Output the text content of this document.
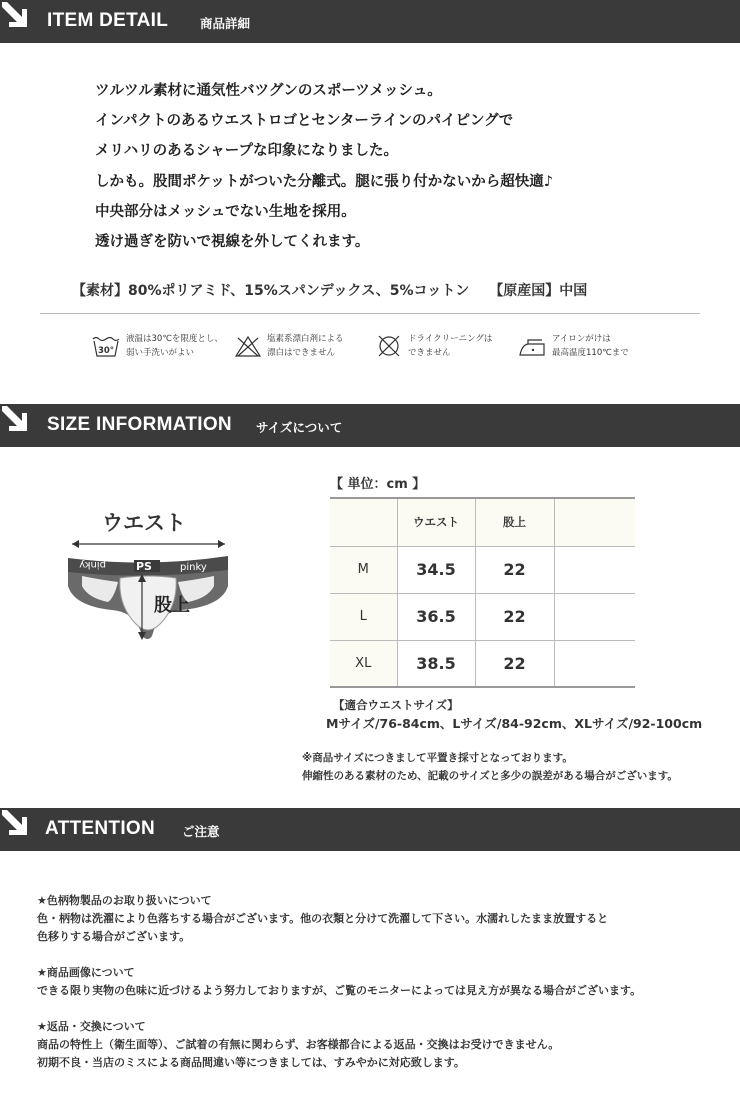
ITEM DETAIL	商品詳細
ツルツル素材に通気性バツグンのスポーツメッシュ。
インパクトのあるウエストロゴとセンターラインのパイピングで
メリハリのあるシャープな印象になりました。
しかも。股間ポケットがついた分離式。腿に張り付かないから超快適♪
中央部分はメッシュでない生地を採用。
透け過ぎを防いで視線を外してくれます。
【素材】80%ポリアミド、15%スパンデックス、5%コットン 【原産国】中国
30°
液温は30℃を限度とし、
弱い手洗いがよい
塩素系漂白剤による
漂白はできません
ドライクリーニングは
できません
アイロンがけは
最高温度110℃まで
SIZE INFORMATION サイズについて
ウエスト
pinky	PS	pinky
股上
【 単位：cm 】
	ウエスト	股上	
M	34.5	22	
L	36.5	22	
XL	38.5	22	
【適合ウエストサイズ】
Mサイズ/76-84cm、Lサイズ/84-92cm、XLサイズ/92-100cm
※商品サイズにつきまして平置き採寸となっております。
伸縮性のある素材のため、記載のサイズと多少の誤差がある場合がございます。
ATTENTION ご注意
★色柄物製品のお取り扱いについて
色・柄物は洗濯により色落ちする場合がございます。他の衣類と分けて洗濯して下さい。水濡れしたまま放置すると
色移りする場合がございます。
★商品画像について
できる限り実物の色味に近づけるよう努力しておりますが、ご覧のモニターによっては見え方が異なる場合がございます。
★返品・交換について
商品の特性上（衛生面等）、ご試着の有無に関わらず、お客様都合による返品・交換はお受けできません。
初期不良・当店のミスによる商品間違い等につきましては、すみやかに対応致します。
